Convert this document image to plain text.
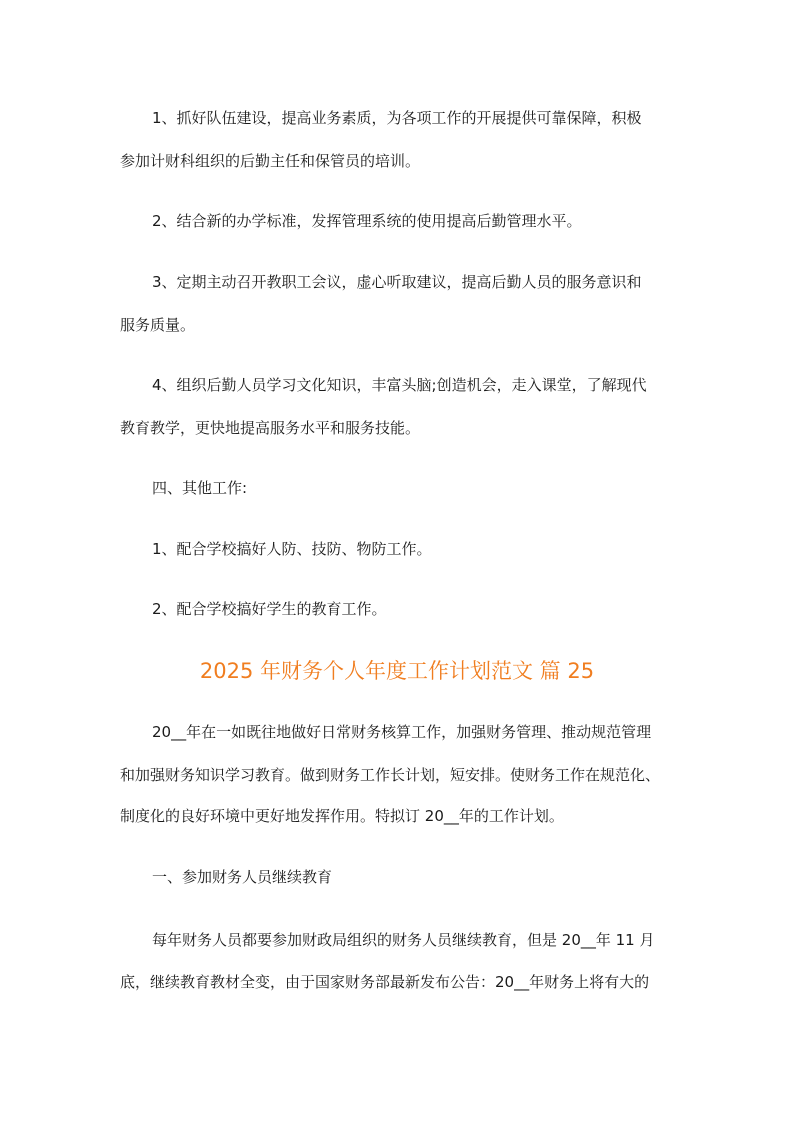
1、抓好队伍建设，提高业务素质，为各项工作的开展提供可靠保障，积极
参加计财科组织的后勤主任和保管员的培训。
2、结合新的办学标准，发挥管理系统的使用提高后勤管理水平。
3、定期主动召开教职工会议，虚心听取建议，提高后勤人员的服务意识和
服务质量。
4、组织后勤人员学习文化知识，丰富头脑;创造机会，走入课堂，了解现代
教育教学，更快地提高服务水平和服务技能。
四、其他工作:
1、配合学校搞好人防、技防、物防工作。
2、配合学校搞好学生的教育工作。
2025 年财务个人年度工作计划范文 篇 25
20__年在一如既往地做好日常财务核算工作，加强财务管理、推动规范管理
和加强财务知识学习教育。做到财务工作长计划，短安排。使财务工作在规范化、
制度化的良好环境中更好地发挥作用。特拟订 20__年的工作计划。
一、参加财务人员继续教育
每年财务人员都要参加财政局组织的财务人员继续教育，但是 20__年 11 月
底，继续教育教材全变，由于国家财务部最新发布公告：20__年财务上将有大的
